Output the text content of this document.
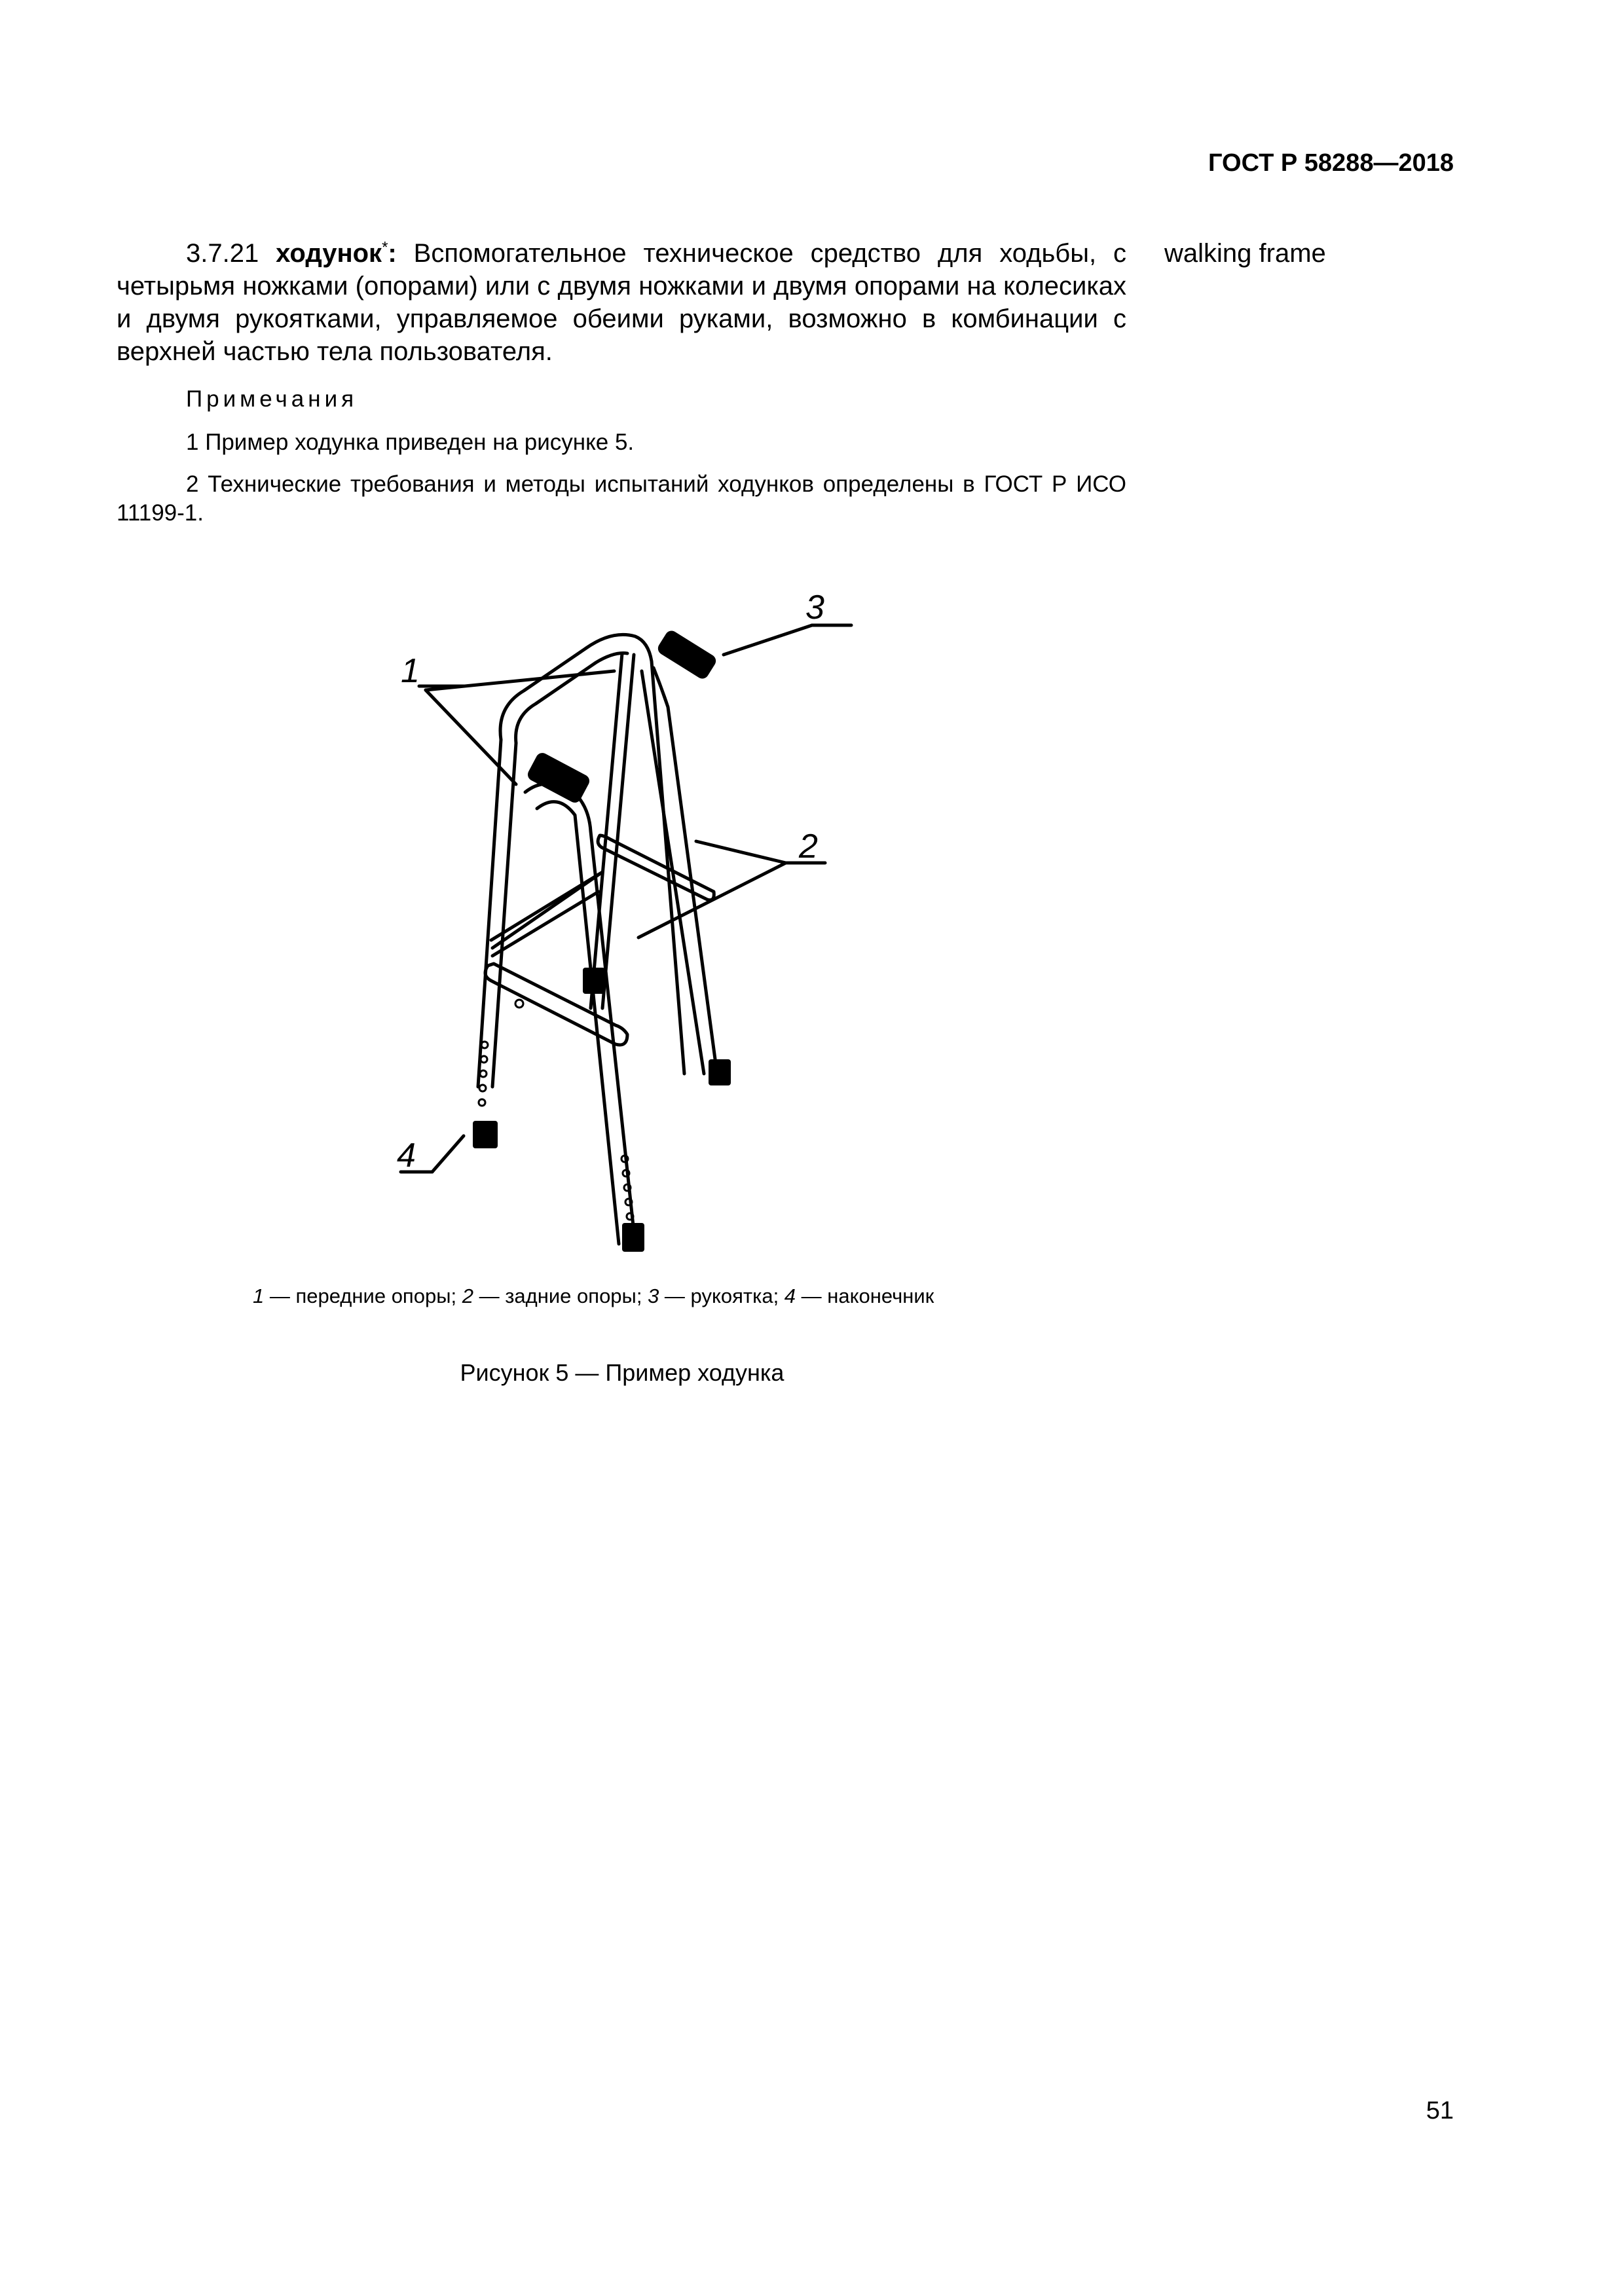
ГОСТ Р 58288—2018
3.7.21 ходунок*: Вспомогательное техническое средство для ходьбы, с четырьмя ножками (опорами) или с двумя ножками и двумя опорами на колесиках и двумя рукоятками, управляемое обеими руками, возможно в комбинации с верхней частью тела пользователя.
walking frame
Примечания
1 Пример ходунка приведен на рисунке 5.
2 Технические требования и методы испытаний ходунков определены в ГОСТ Р ИСО 11199-1.
1
2
3
4
1 — передние опоры; 2 — задние опоры; 3 — рукоятка; 4 — наконечник
Рисунок 5 — Пример ходунка
51
